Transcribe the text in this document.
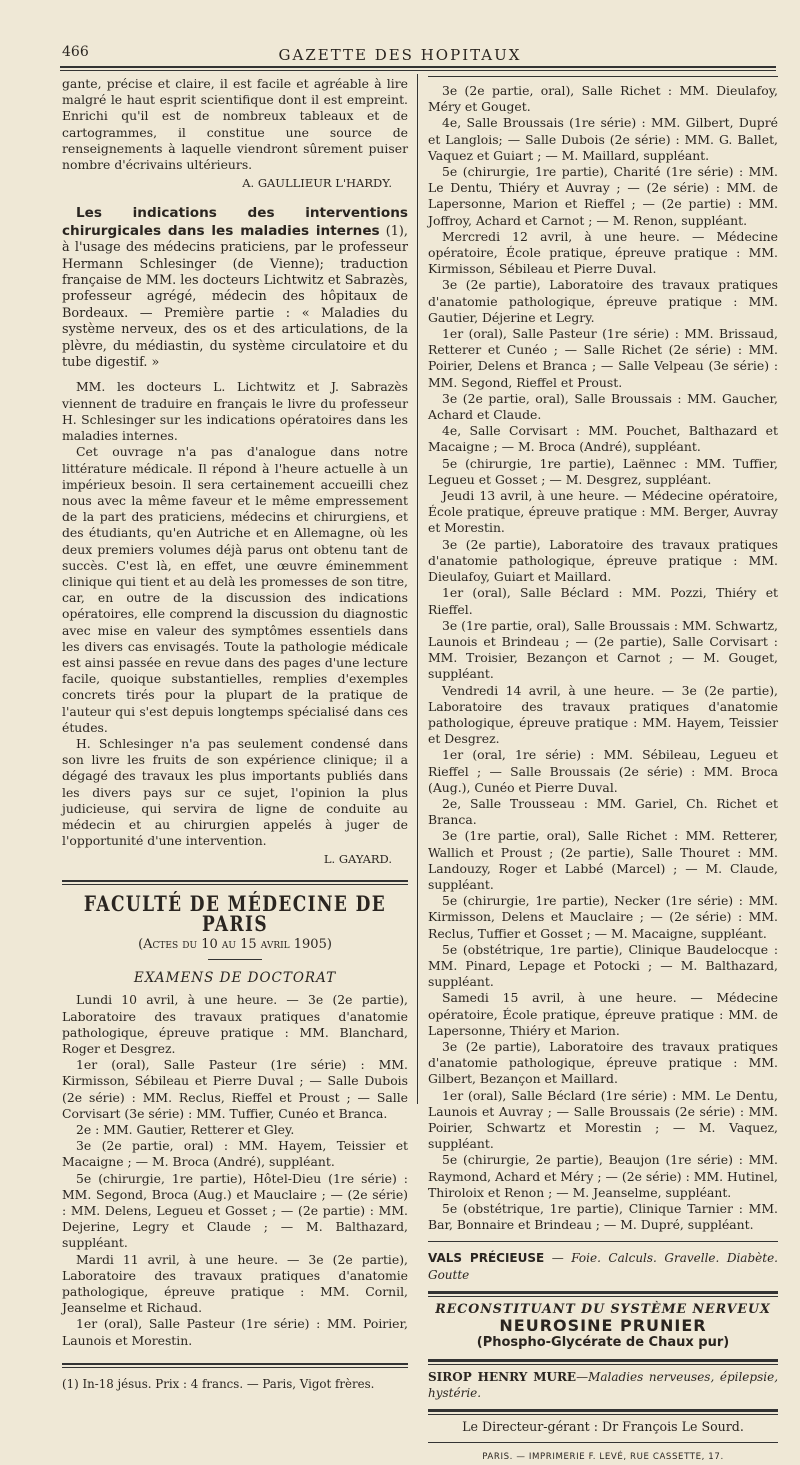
466	GAZETTE DES HOPITAUX

gante, précise et claire, il est facile et agréable à lire malgré le haut esprit scientifique dont il est empreint. Enrichi qu'il est de nombreux tableaux et de cartogrammes, il constitue une source de renseignements à laquelle viendront sûrement puiser nombre d'écrivains ultérieurs.

A. GAULLIEUR L'HARDY.

Les indications des interventions chirurgicales dans les maladies internes (1), à l'usage des médecins praticiens, par le professeur Hermann Schlesinger (de Vienne); traduction française de MM. les docteurs Lichtwitz et Sabrazès, professeur agrégé, médecin des hôpitaux de Bordeaux. — Première partie : « Maladies du système nerveux, des os et des articulations, de la plèvre, du médiastin, du système circulatoire et du tube digestif. »

MM. les docteurs L. Lichtwitz et J. Sabrazès viennent de traduire en français le livre du professeur H. Schlesinger sur les indications opératoires dans les maladies internes.

Cet ouvrage n'a pas d'analogue dans notre littérature médicale. Il répond à l'heure actuelle à un impérieux besoin. Il sera certainement accueilli chez nous avec la même faveur et le même empressement de la part des praticiens, médecins et chirurgiens, et des étudiants, qu'en Autriche et en Allemagne, où les deux premiers volumes déjà parus ont obtenu tant de succès. C'est là, en effet, une œuvre éminemment clinique qui tient et au delà les promesses de son titre, car, en outre de la discussion des indications opératoires, elle comprend la discussion du diagnostic avec mise en valeur des symptômes essentiels dans les divers cas envisagés. Toute la pathologie médicale est ainsi passée en revue dans des pages d'une lecture facile, quoique substantielles, remplies d'exemples concrets tirés pour la plupart de la pratique de l'auteur qui s'est depuis longtemps spécialisé dans ces études.

H. Schlesinger n'a pas seulement condensé dans son livre les fruits de son expérience clinique; il a dégagé des travaux les plus importants publiés dans les divers pays sur ce sujet, l'opinion la plus judicieuse, qui servira de ligne de conduite au médecin et au chirurgien appelés à juger de l'opportunité d'une intervention.

L. GAYARD.
FACULTÉ DE MÉDECINE DE PARIS
(Actes du 10 au 15 avril 1905)
EXAMENS DE DOCTORAT

Lundi 10 avril, à une heure. — 3e (2e partie), Laboratoire des travaux pratiques d'anatomie pathologique, épreuve pratique : MM. Blanchard, Roger et Desgrez.

1er (oral), Salle Pasteur (1re série) : MM. Kirmisson, Sébileau et Pierre Duval ; — Salle Dubois (2e série) : MM. Reclus, Rieffel et Proust ; — Salle Corvisart (3e série) : MM. Tuffier, Cunéo et Branca.

2e : MM. Gautier, Retterer et Gley.

3e (2e partie, oral) : MM. Hayem, Teissier et Macaigne ; — M. Broca (André), suppléant.

5e (chirurgie, 1re partie), Hôtel-Dieu (1re série) : MM. Segond, Broca (Aug.) et Mauclaire ; — (2e série) : MM. Delens, Legueu et Gosset ; — (2e partie) : MM. Dejerine, Legry et Claude ; — M. Balthazard, suppléant.

Mardi 11 avril, à une heure. — 3e (2e partie), Laboratoire des travaux pratiques d'anatomie pathologique, épreuve pratique : MM. Cornil, Jeanselme et Richaud.

1er (oral), Salle Pasteur (1re série) : MM. Poirier, Launois et Morestin.

(1) In-18 jésus. Prix : 4 francs. — Paris, Vigot frères.

3e (2e partie, oral), Salle Richet : MM. Dieulafoy, Méry et Gouget.

4e, Salle Broussais (1re série) : MM. Gilbert, Dupré et Langlois; — Salle Dubois (2e série) : MM. G. Ballet, Vaquez et Guiart ; — M. Maillard, suppléant.

5e (chirurgie, 1re partie), Charité (1re série) : MM. Le Dentu, Thiéry et Auvray ; — (2e série) : MM. de Lapersonne, Marion et Rieffel ; — (2e partie) : MM. Joffroy, Achard et Carnot ; — M. Renon, suppléant.

Mercredi 12 avril, à une heure. — Médecine opératoire, École pratique, épreuve pratique : MM. Kirmisson, Sébileau et Pierre Duval.

3e (2e partie), Laboratoire des travaux pratiques d'anatomie pathologique, épreuve pratique : MM. Gautier, Déjerine et Legry.

1er (oral), Salle Pasteur (1re série) : MM. Brissaud, Retterer et Cunéo ; — Salle Richet (2e série) : MM. Poirier, Delens et Branca ; — Salle Velpeau (3e série) : MM. Segond, Rieffel et Proust.

3e (2e partie, oral), Salle Broussais : MM. Gaucher, Achard et Claude.

4e, Salle Corvisart : MM. Pouchet, Balthazard et Macaigne ; — M. Broca (André), suppléant.

5e (chirurgie, 1re partie), Laënnec : MM. Tuffier, Legueu et Gosset ; — M. Desgrez, suppléant.

Jeudi 13 avril, à une heure. — Médecine opératoire, École pratique, épreuve pratique : MM. Berger, Auvray et Morestin.

3e (2e partie), Laboratoire des travaux pratiques d'anatomie pathologique, épreuve pratique : MM. Dieulafoy, Guiart et Maillard.

1er (oral), Salle Béclard : MM. Pozzi, Thiéry et Rieffel.

3e (1re partie, oral), Salle Broussais : MM. Schwartz, Launois et Brindeau ; — (2e partie), Salle Corvisart : MM. Troisier, Bezançon et Carnot ; — M. Gouget, suppléant.

Vendredi 14 avril, à une heure. — 3e (2e partie), Laboratoire des travaux pratiques d'anatomie pathologique, épreuve pratique : MM. Hayem, Teissier et Desgrez.

1er (oral, 1re série) : MM. Sébileau, Legueu et Rieffel ; — Salle Broussais (2e série) : MM. Broca (Aug.), Cunéo et Pierre Duval.

2e, Salle Trousseau : MM. Gariel, Ch. Richet et Branca.

3e (1re partie, oral), Salle Richet : MM. Retterer, Wallich et Proust ; (2e partie), Salle Thouret : MM. Landouzy, Roger et Labbé (Marcel) ; — M. Claude, suppléant.

5e (chirurgie, 1re partie), Necker (1re série) : MM. Kirmisson, Delens et Mauclaire ; — (2e série) : MM. Reclus, Tuffier et Gosset ; — M. Macaigne, suppléant.

5e (obstétrique, 1re partie), Clinique Baudelocque : MM. Pinard, Lepage et Potocki ; — M. Balthazard, suppléant.

Samedi 15 avril, à une heure. — Médecine opératoire, École pratique, épreuve pratique : MM. de Lapersonne, Thiéry et Marion.

3e (2e partie), Laboratoire des travaux pratiques d'anatomie pathologique, épreuve pratique : MM. Gilbert, Bezançon et Maillard.

1er (oral), Salle Béclard (1re série) : MM. Le Dentu, Launois et Auvray ; — Salle Broussais (2e série) : MM. Poirier, Schwartz et Morestin ; — M. Vaquez, suppléant.

5e (chirurgie, 2e partie), Beaujon (1re série) : MM. Raymond, Achard et Méry ; — (2e série) : MM. Hutinel, Thiroloix et Renon ; — M. Jeanselme, suppléant.

5e (obstétrique, 1re partie), Clinique Tarnier : MM. Bar, Bonnaire et Brindeau ; — M. Dupré, suppléant.

VALS PRÉCIEUSE — Foie. Calculs. Gravelle. Diabète. Goutte
RECONSTITUANT DU SYSTÈME NERVEUX
NEUROSINE PRUNIER
(Phospho-Glycérate de Chaux pur)
SIROP HENRY MURE—Maladies nerveuses, épilepsie, hystérie.
Le Directeur-gérant : Dr François Le Sourd.
PARIS. — IMPRIMERIE F. LEVÉ, RUE CASSETTE, 17.
